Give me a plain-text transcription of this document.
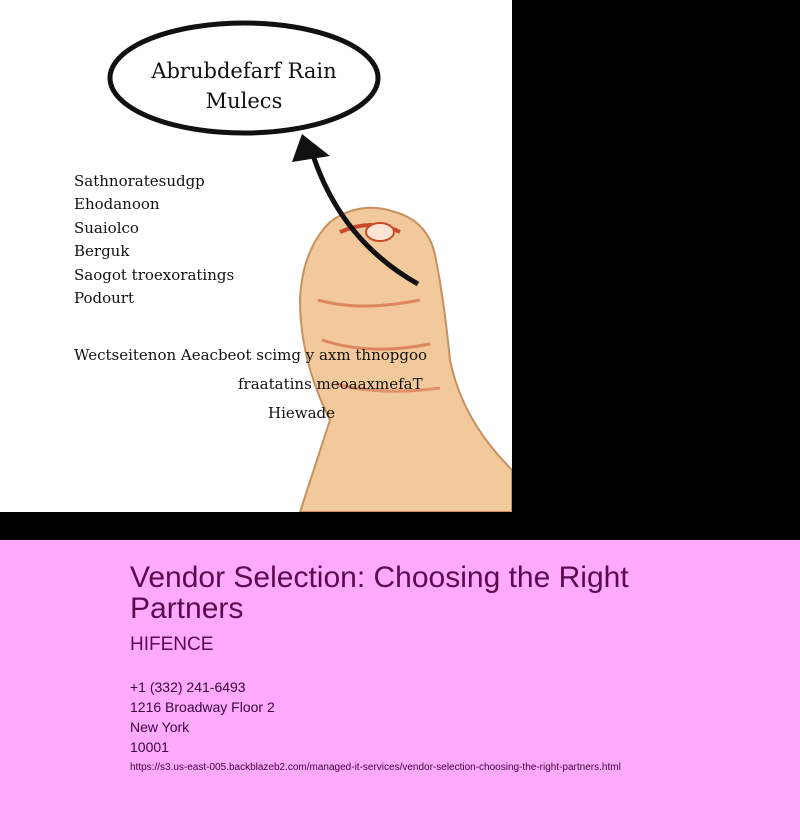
Abrubdefarf Rain
Mulecs
Sathnoratesudgp
Ehodanoon
Suaiolco
Berguk
Saogot troexoratings
Podourt
Wectseitenon Aeacbeot scimg y axm thnopgoo
fraatatins meoaaxmefaT
Hiewade
Vendor Selection: Choosing the Right Partners
HIFENCE
+1 (332) 241-6493
1216 Broadway Floor 2
New York
10001
https://s3.us-east-005.backblazeb2.com/managed-it-services/vendor-selection-choosing-the-right-partners.html
